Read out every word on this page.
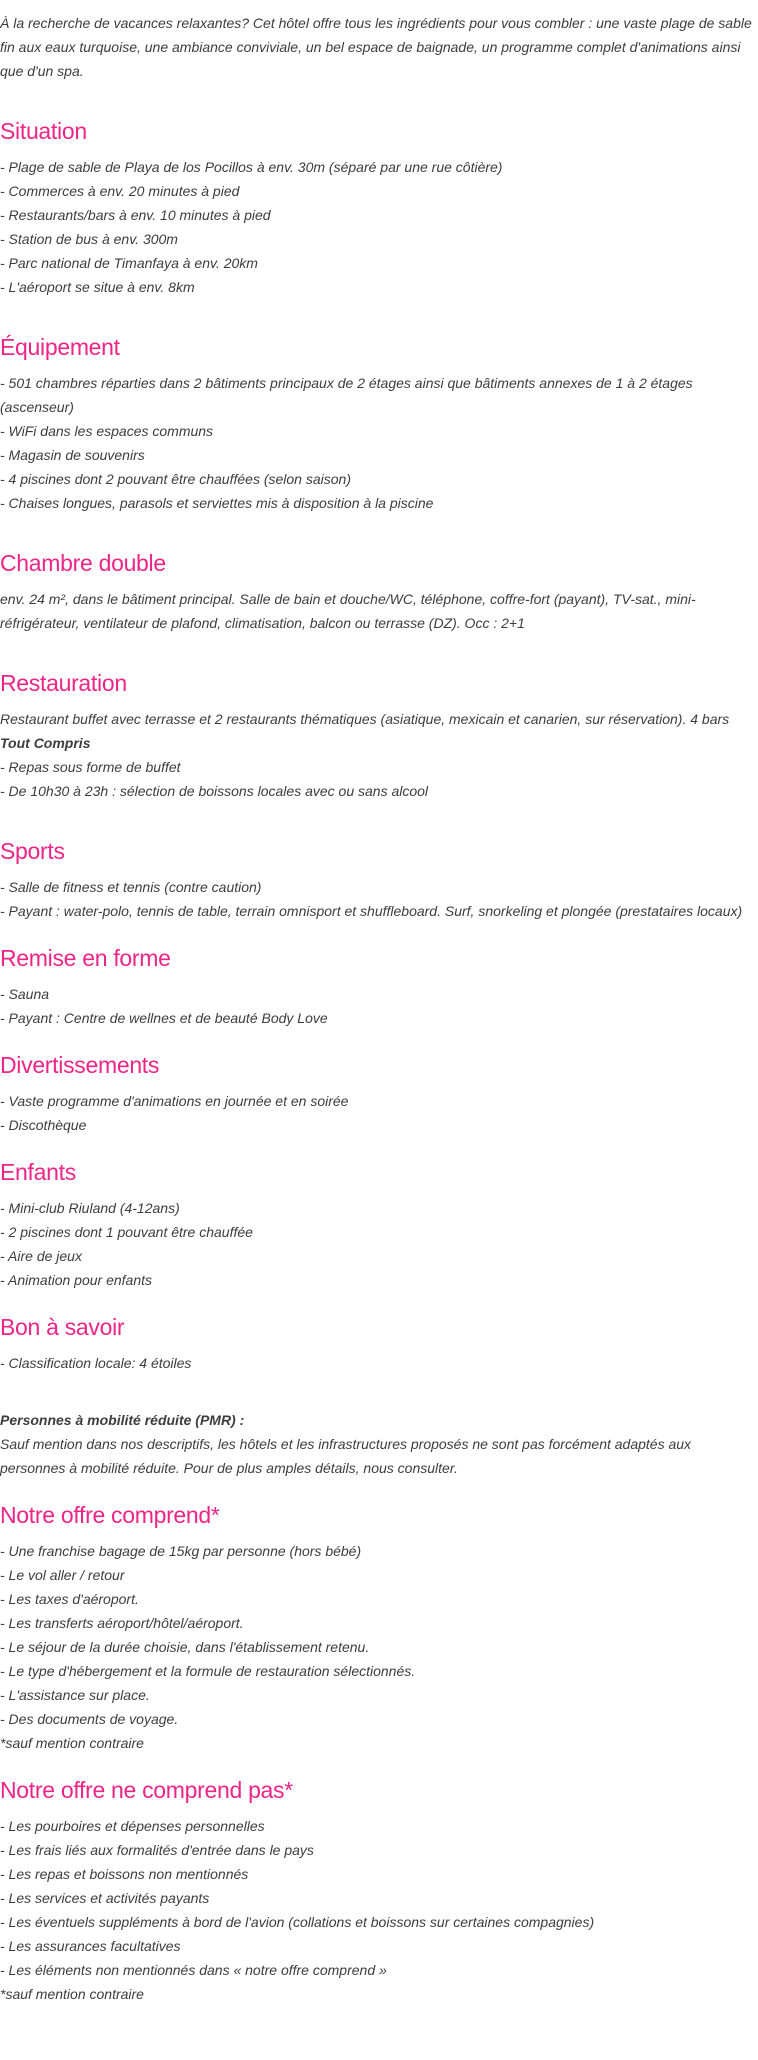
À la recherche de vacances relaxantes? Cet hôtel offre tous les ingrédients pour vous combler : une vaste plage de sable fin aux eaux turquoise, une ambiance conviviale, un bel espace de baignade, un programme complet d'animations ainsi que d'un spa.

Situation
- Plage de sable de Playa de los Pocillos à env. 30m (séparé par une rue côtière)
- Commerces à env. 20 minutes à pied
- Restaurants/bars à env. 10 minutes à pied
- Station de bus à env. 300m
- Parc national de Timanfaya à env. 20km
- L'aéroport se situe à env. 8km
Équipement
- 501 chambres réparties dans 2 bâtiments principaux de 2 étages ainsi que bâtiments annexes de 1 à 2 étages (ascenseur)
- WiFi dans les espaces communs
- Magasin de souvenirs
- 4 piscines dont 2 pouvant être chauffées (selon saison)
- Chaises longues, parasols et serviettes mis à disposition à la piscine
Chambre double

env. 24 m², dans le bâtiment principal. Salle de bain et douche/WC, téléphone, coffre-fort (payant), TV-sat., mini-réfrigérateur, ventilateur de plafond, climatisation, balcon ou terrasse (DZ). Occ : 2+1

Restauration

Restaurant buffet avec terrasse et 2 restaurants thématiques (asiatique, mexicain et canarien, sur réservation). 4 bars

Tout Compris

- Repas sous forme de buffet
- De 10h30 à 23h : sélection de boissons locales avec ou sans alcool
Sports
- Salle de fitness et tennis (contre caution)
- Payant : water-polo, tennis de table, terrain omnisport et shuffleboard. Surf, snorkeling et plongée (prestataires locaux)
Remise en forme
- Sauna
- Payant : Centre de wellnes et de beauté Body Love
Divertissements
- Vaste programme d'animations en journée et en soirée
- Discothèque
Enfants
- Mini-club Riuland (4-12ans)
- 2 piscines dont 1 pouvant être chauffée
- Aire de jeux
- Animation pour enfants
Bon à savoir
- Classification locale: 4 étoiles

Personnes à mobilité réduite (PMR) :

Sauf mention dans nos descriptifs, les hôtels et les infrastructures proposés ne sont pas forcément adaptés aux personnes à mobilité réduite. Pour de plus amples détails, nous consulter.

Notre offre comprend*
- Une franchise bagage de 15kg par personne (hors bébé)
- Le vol aller / retour
- Les taxes d'aéroport.
- Les transferts aéroport/hôtel/aéroport.
- Le séjour de la durée choisie, dans l'établissement retenu.
- Le type d'hébergement et la formule de restauration sélectionnés.
- L'assistance sur place.
- Des documents de voyage.

*sauf mention contraire

Notre offre ne comprend pas*
- Les pourboires et dépenses personnelles
- Les frais liés aux formalités d'entrée dans le pays
- Les repas et boissons non mentionnés
- Les services et activités payants
- Les éventuels suppléments à bord de l'avion (collations et boissons sur certaines compagnies)
- Les assurances facultatives
- Les éléments non mentionnés dans « notre offre comprend »

*sauf mention contraire
